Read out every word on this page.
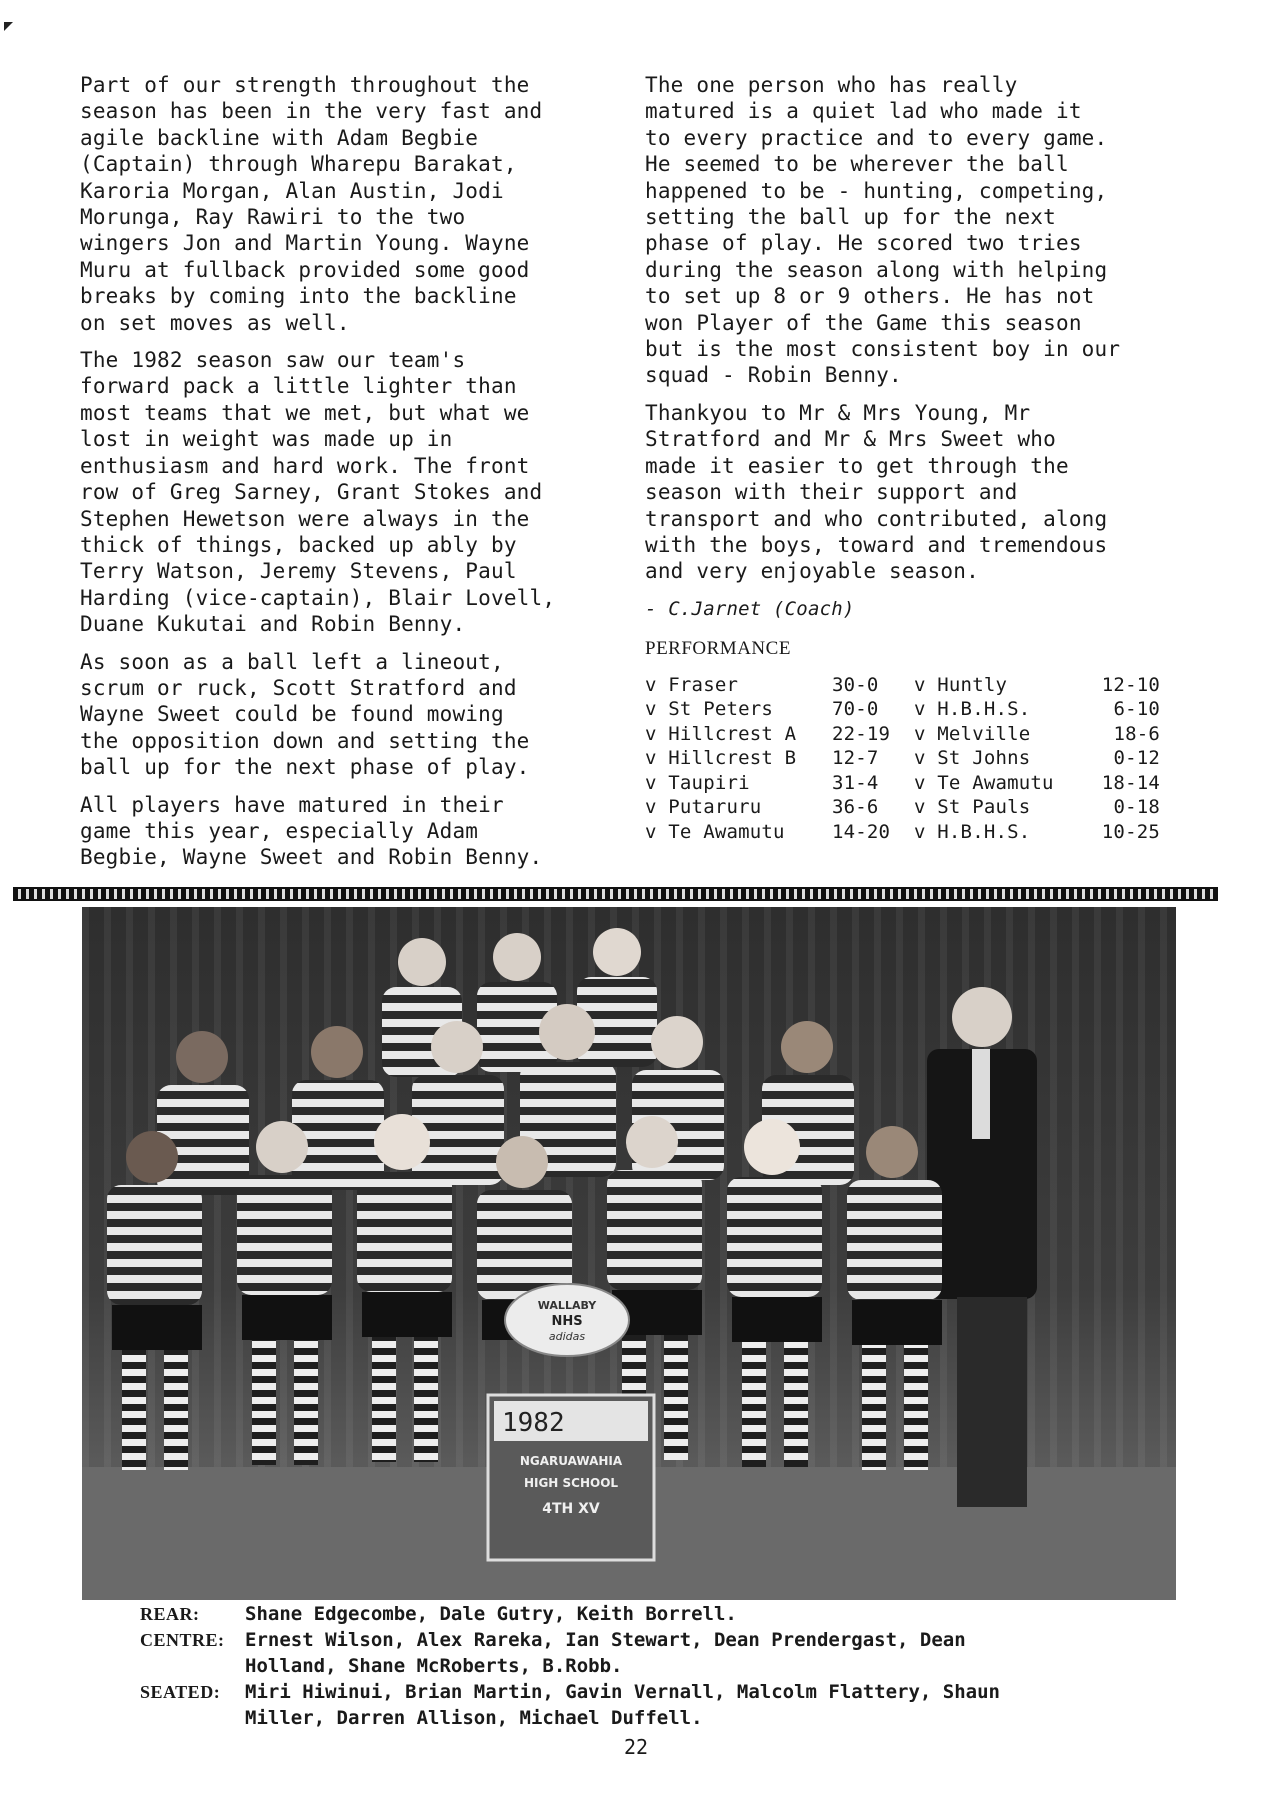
Part of our strength throughout the
season has been in the very fast and
agile backline with Adam Begbie
(Captain) through Wharepu Barakat,
Karoria Morgan, Alan Austin, Jodi
Morunga, Ray Rawiri to the two
wingers Jon and Martin Young. Wayne
Muru at fullback provided some good
breaks by coming into the backline
on set moves as well.

The 1982 season saw our team's
forward pack a little lighter than
most teams that we met, but what we
lost in weight was made up in
enthusiasm and hard work. The front
row of Greg Sarney, Grant Stokes and
Stephen Hewetson were always in the
thick of things, backed up ably by
Terry Watson, Jeremy Stevens, Paul
Harding (vice-captain), Blair Lovell,
Duane Kukutai and Robin Benny.

As soon as a ball left a lineout,
scrum or ruck, Scott Stratford and
Wayne Sweet could be found mowing
the opposition down and setting the
ball up for the next phase of play.

All players have matured in their
game this year, especially Adam
Begbie, Wayne Sweet and Robin Benny.

The one person who has really
matured is a quiet lad who made it
to every practice and to every game.
He seemed to be wherever the ball
happened to be - hunting, competing,
setting the ball up for the next
phase of play. He scored two tries
during the season along with helping
to set up 8 or 9 others. He has not
won Player of the Game this season
but is the most consistent boy in our
squad - Robin Benny.

Thankyou to Mr & Mrs Young, Mr
Stratford and Mr & Mrs Sweet who
made it easier to get through the
season with their support and
transport and who contributed, along
with the boys, toward and tremendous
and very enjoyable season.

- C.Jarnet (Coach)
PERFORMANCE
v Fraser	30-0	v Huntly	12-10
v St Peters	70-0	v H.B.H.S.	6-10
v Hillcrest A	22-19	v Melville	18-6
v Hillcrest B	12-7	v St Johns	0-12
v Taupiri	31-4	v Te Awamutu	18-14
v Putaruru	36-6	v St Pauls	0-18
v Te Awamutu	14-20	v H.B.H.S.	10-25
WALLABY
NHS
adidas
1982
NGARUAWAHIA
HIGH SCHOOL
4TH XV
REAR:	Shane Edgecombe, Dale Gutry, Keith Borrell.
CENTRE:	Ernest Wilson, Alex Rareka, Ian Stewart, Dean Prendergast, Dean
Holland, Shane McRoberts, B.Robb.
SEATED:	Miri Hiwinui, Brian Martin, Gavin Vernall, Malcolm Flattery, Shaun
Miller, Darren Allison, Michael Duffell.
22
